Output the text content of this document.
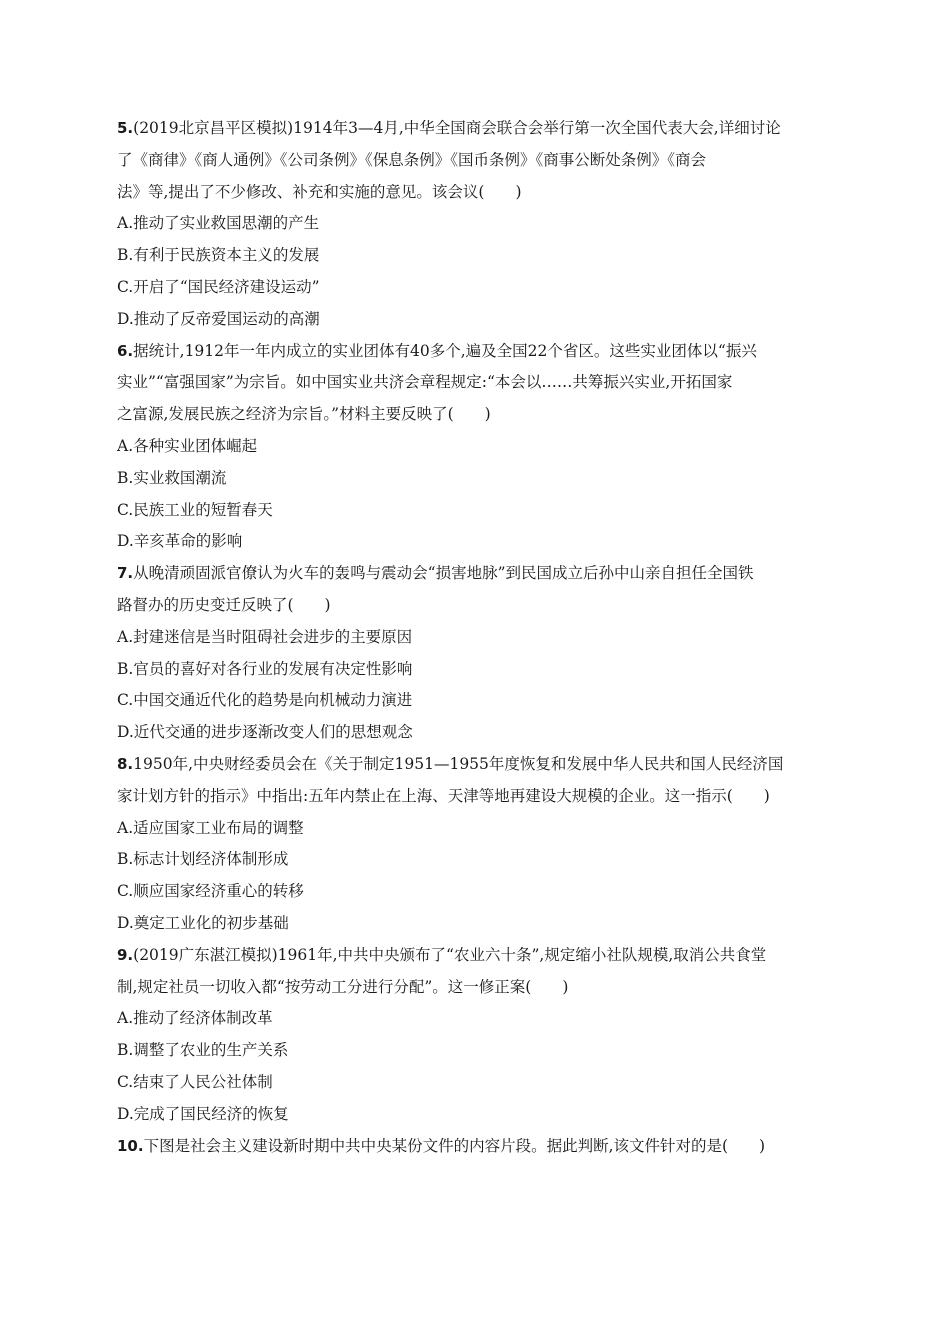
5.(2019北京昌平区模拟)1914年3—4月,中华全国商会联合会举行第一次全国代表大会,详细讨论
了《商律》《商人通例》《公司条例》《保息条例》《国币条例》《商事公断处条例》《商会
法》等,提出了不少修改、补充和实施的意见。该会议(　　)
A.推动了实业救国思潮的产生
B.有利于民族资本主义的发展
C.开启了“国民经济建设运动”
D.推动了反帝爱国运动的高潮
6.据统计,1912年一年内成立的实业团体有40多个,遍及全国22个省区。这些实业团体以“振兴
实业”“富强国家”为宗旨。如中国实业共济会章程规定:“本会以……共筹振兴实业,开拓国家
之富源,发展民族之经济为宗旨。”材料主要反映了(　　)
A.各种实业团体崛起
B.实业救国潮流
C.民族工业的短暂春天
D.辛亥革命的影响
7.从晚清顽固派官僚认为火车的轰鸣与震动会“损害地脉”到民国成立后孙中山亲自担任全国铁
路督办的历史变迁反映了(　　)
A.封建迷信是当时阻碍社会进步的主要原因
B.官员的喜好对各行业的发展有决定性影响
C.中国交通近代化的趋势是向机械动力演进
D.近代交通的进步逐渐改变人们的思想观念
8.1950年,中央财经委员会在《关于制定1951—1955年度恢复和发展中华人民共和国人民经济国
家计划方针的指示》中指出:五年内禁止在上海、天津等地再建设大规模的企业。这一指示(　　)
A.适应国家工业布局的调整
B.标志计划经济体制形成
C.顺应国家经济重心的转移
D.奠定工业化的初步基础
9.(2019广东湛江模拟)1961年,中共中央颁布了“农业六十条”,规定缩小社队规模,取消公共食堂
制,规定社员一切收入都“按劳动工分进行分配”。这一修正案(　　)
A.推动了经济体制改革
B.调整了农业的生产关系
C.结束了人民公社体制
D.完成了国民经济的恢复
10.下图是社会主义建设新时期中共中央某份文件的内容片段。据此判断,该文件针对的是(　　)
